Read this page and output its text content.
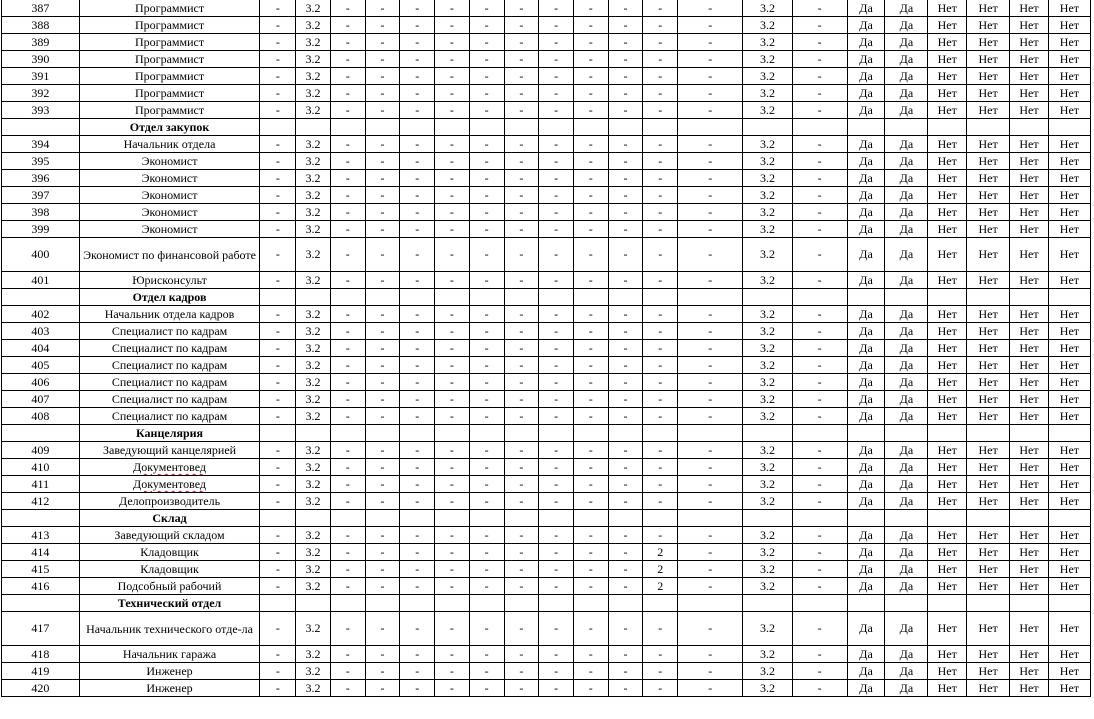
387	Программист	-	3.2	-	-	-	-	-	-	-	-	-	-	-	3.2	-	Да	Да	Нет	Нет	Нет	Нет
388	Программист	-	3.2	-	-	-	-	-	-	-	-	-	-	-	3.2	-	Да	Да	Нет	Нет	Нет	Нет
389	Программист	-	3.2	-	-	-	-	-	-	-	-	-	-	-	3.2	-	Да	Да	Нет	Нет	Нет	Нет
390	Программист	-	3.2	-	-	-	-	-	-	-	-	-	-	-	3.2	-	Да	Да	Нет	Нет	Нет	Нет
391	Программист	-	3.2	-	-	-	-	-	-	-	-	-	-	-	3.2	-	Да	Да	Нет	Нет	Нет	Нет
392	Программист	-	3.2	-	-	-	-	-	-	-	-	-	-	-	3.2	-	Да	Да	Нет	Нет	Нет	Нет
393	Программист	-	3.2	-	-	-	-	-	-	-	-	-	-	-	3.2	-	Да	Да	Нет	Нет	Нет	Нет
	Отдел закупок																					
394	Начальник отдела	-	3.2	-	-	-	-	-	-	-	-	-	-	-	3.2	-	Да	Да	Нет	Нет	Нет	Нет
395	Экономист	-	3.2	-	-	-	-	-	-	-	-	-	-	-	3.2	-	Да	Да	Нет	Нет	Нет	Нет
396	Экономист	-	3.2	-	-	-	-	-	-	-	-	-	-	-	3.2	-	Да	Да	Нет	Нет	Нет	Нет
397	Экономист	-	3.2	-	-	-	-	-	-	-	-	-	-	-	3.2	-	Да	Да	Нет	Нет	Нет	Нет
398	Экономист	-	3.2	-	-	-	-	-	-	-	-	-	-	-	3.2	-	Да	Да	Нет	Нет	Нет	Нет
399	Экономист	-	3.2	-	-	-	-	-	-	-	-	-	-	-	3.2	-	Да	Да	Нет	Нет	Нет	Нет
400	Экономист по финансовой работе	-	3.2	-	-	-	-	-	-	-	-	-	-	-	3.2	-	Да	Да	Нет	Нет	Нет	Нет
401	Юрисконсульт	-	3.2	-	-	-	-	-	-	-	-	-	-	-	3.2	-	Да	Да	Нет	Нет	Нет	Нет
	Отдел кадров																					
402	Начальник отдела кадров	-	3.2	-	-	-	-	-	-	-	-	-	-	-	3.2	-	Да	Да	Нет	Нет	Нет	Нет
403	Специалист по кадрам	-	3.2	-	-	-	-	-	-	-	-	-	-	-	3.2	-	Да	Да	Нет	Нет	Нет	Нет
404	Специалист по кадрам	-	3.2	-	-	-	-	-	-	-	-	-	-	-	3.2	-	Да	Да	Нет	Нет	Нет	Нет
405	Специалист по кадрам	-	3.2	-	-	-	-	-	-	-	-	-	-	-	3.2	-	Да	Да	Нет	Нет	Нет	Нет
406	Специалист по кадрам	-	3.2	-	-	-	-	-	-	-	-	-	-	-	3.2	-	Да	Да	Нет	Нет	Нет	Нет
407	Специалист по кадрам	-	3.2	-	-	-	-	-	-	-	-	-	-	-	3.2	-	Да	Да	Нет	Нет	Нет	Нет
408	Специалист по кадрам	-	3.2	-	-	-	-	-	-	-	-	-	-	-	3.2	-	Да	Да	Нет	Нет	Нет	Нет
	Канцелярия																					
409	Заведующий канцелярией	-	3.2	-	-	-	-	-	-	-	-	-	-	-	3.2	-	Да	Да	Нет	Нет	Нет	Нет
410	Документовед	-	3.2	-	-	-	-	-	-	-	-	-	-	-	3.2	-	Да	Да	Нет	Нет	Нет	Нет
411	Документовед	-	3.2	-	-	-	-	-	-	-	-	-	-	-	3.2	-	Да	Да	Нет	Нет	Нет	Нет
412	Делопроизводитель	-	3.2	-	-	-	-	-	-	-	-	-	-	-	3.2	-	Да	Да	Нет	Нет	Нет	Нет
	Склад																					
413	Заведующий складом	-	3.2	-	-	-	-	-	-	-	-	-	-	-	3.2	-	Да	Да	Нет	Нет	Нет	Нет
414	Кладовщик	-	3.2	-	-	-	-	-	-	-	-	-	2	-	3.2	-	Да	Да	Нет	Нет	Нет	Нет
415	Кладовщик	-	3.2	-	-	-	-	-	-	-	-	-	2	-	3.2	-	Да	Да	Нет	Нет	Нет	Нет
416	Подсобный рабочий	-	3.2	-	-	-	-	-	-	-	-	-	2	-	3.2	-	Да	Да	Нет	Нет	Нет	Нет
	Технический отдел																					
417	Начальник технического отде-ла	-	3.2	-	-	-	-	-	-	-	-	-	-	-	3.2	-	Да	Да	Нет	Нет	Нет	Нет
418	Начальник гаража	-	3.2	-	-	-	-	-	-	-	-	-	-	-	3.2	-	Да	Да	Нет	Нет	Нет	Нет
419	Инженер	-	3.2	-	-	-	-	-	-	-	-	-	-	-	3.2	-	Да	Да	Нет	Нет	Нет	Нет
420	Инженер	-	3.2	-	-	-	-	-	-	-	-	-	-	-	3.2	-	Да	Да	Нет	Нет	Нет	Нет
